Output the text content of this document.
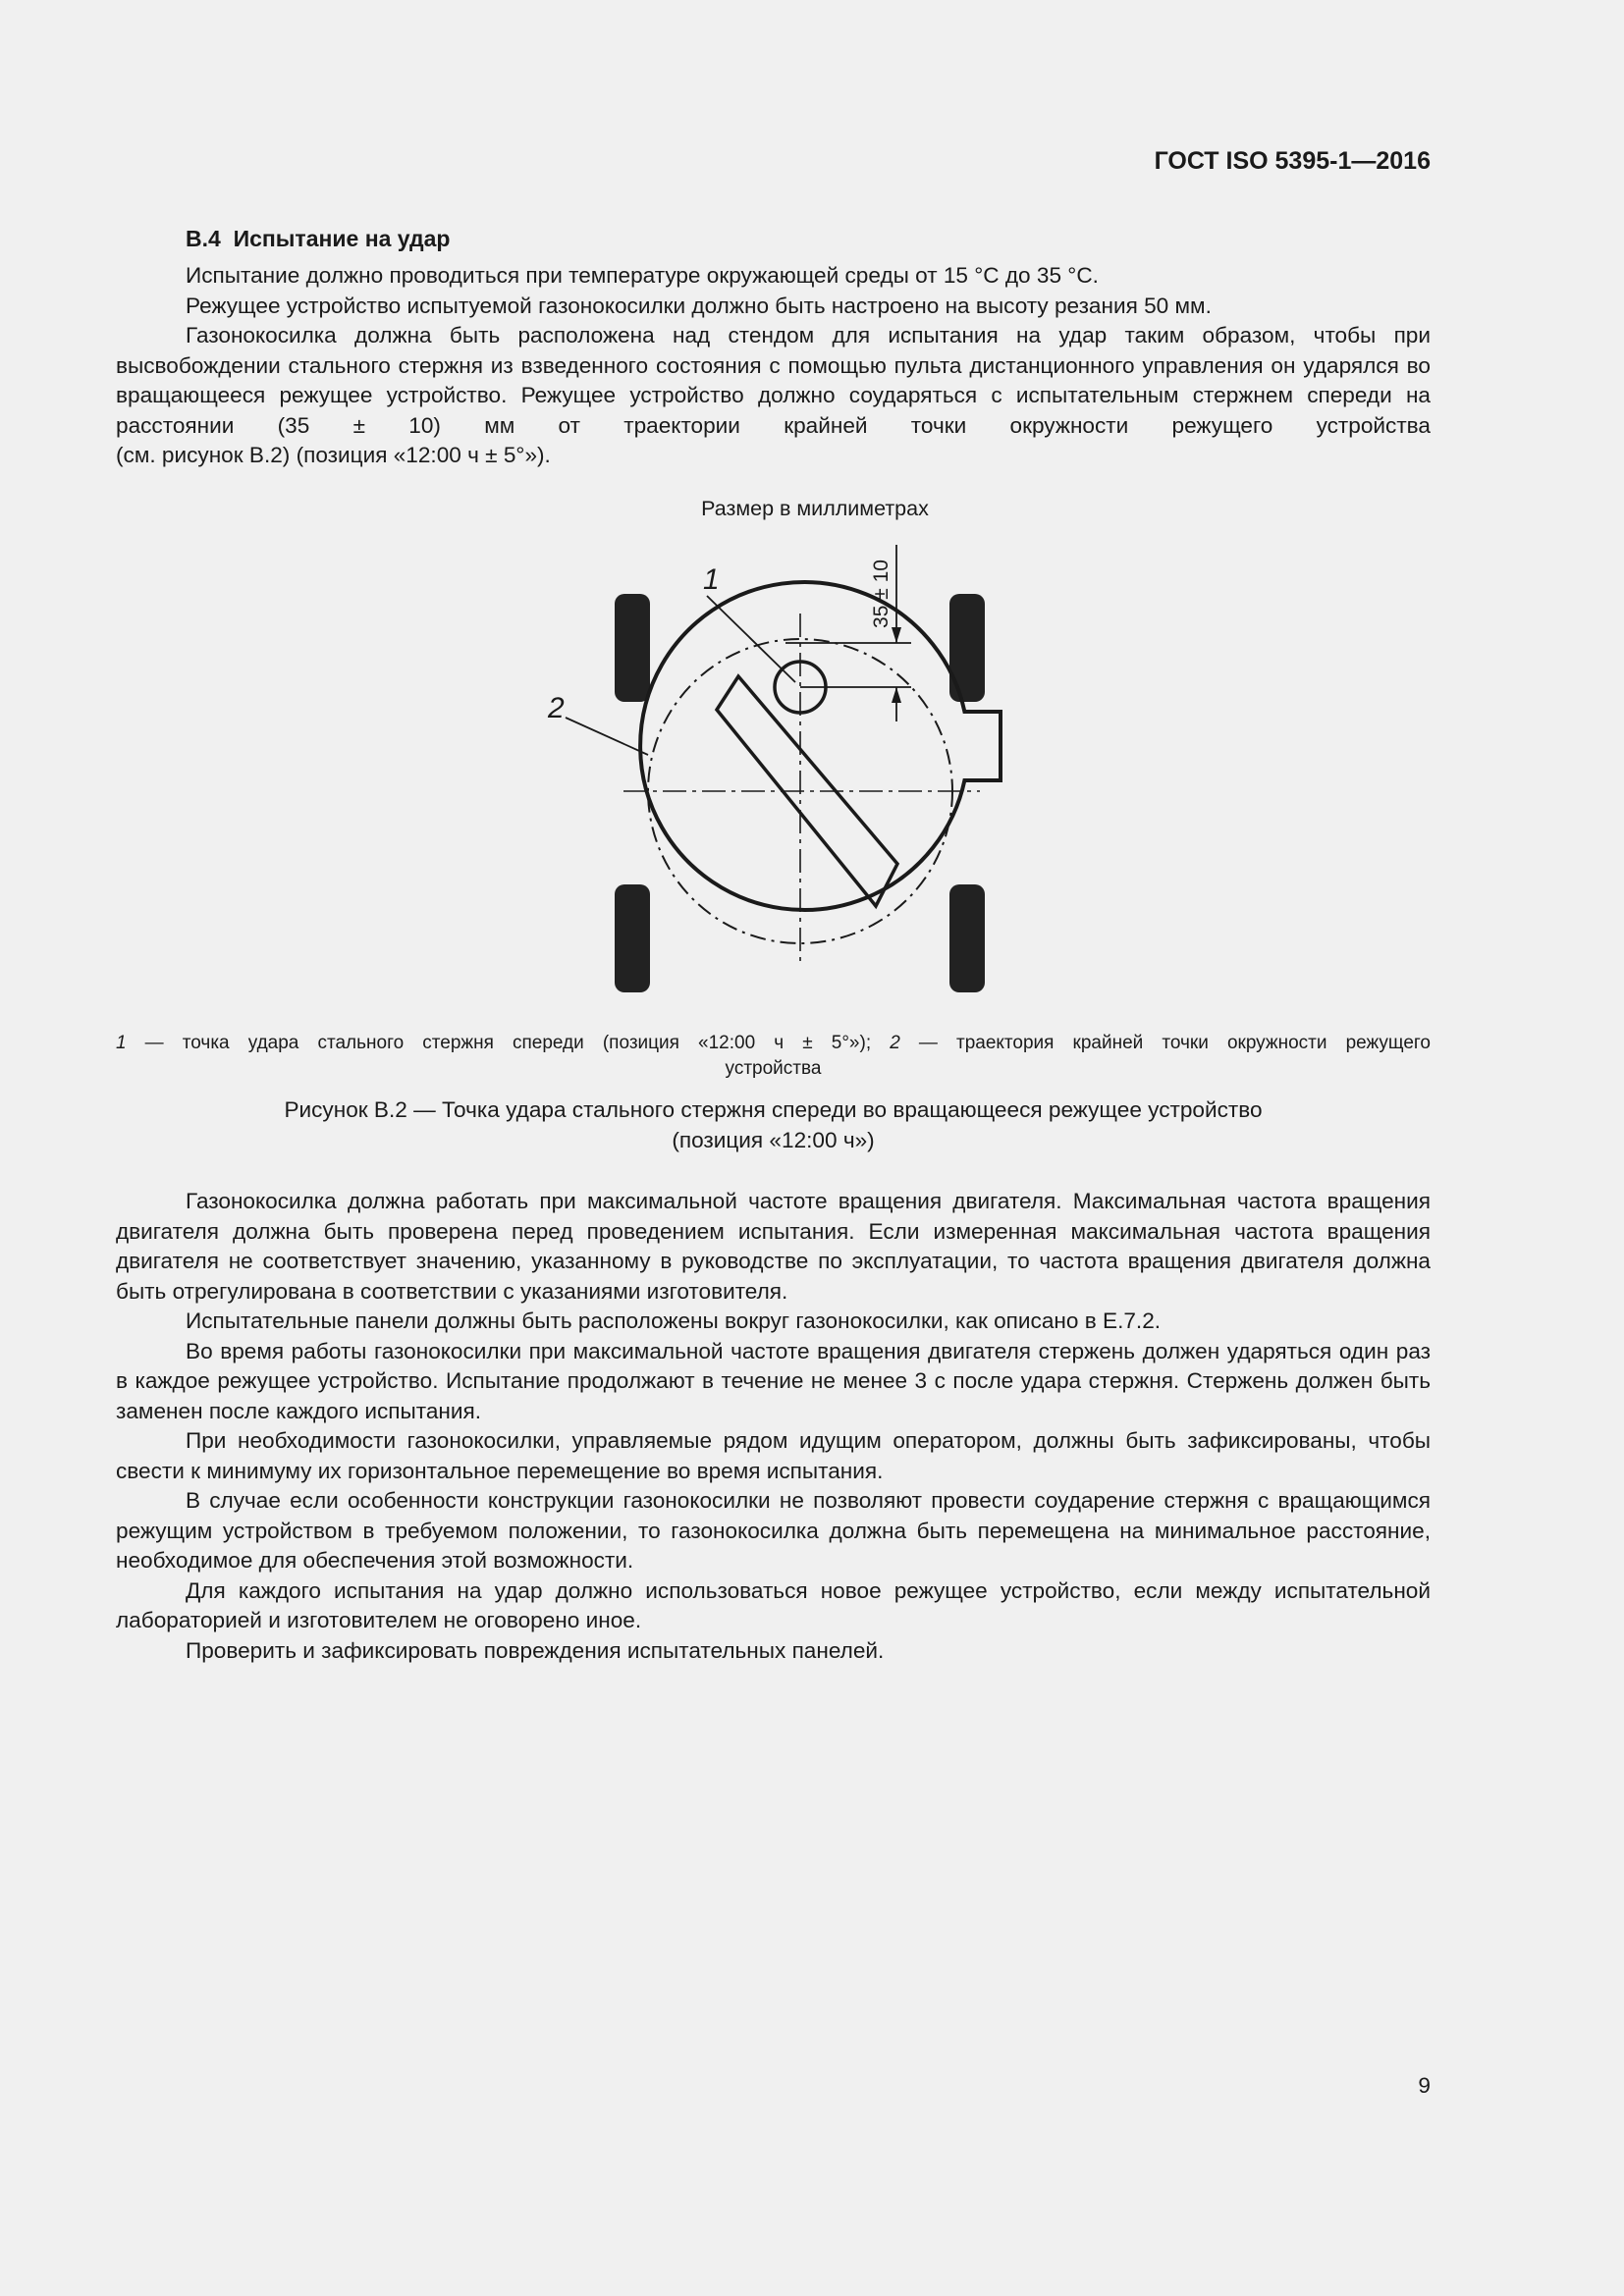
ГОСТ ISO 5395-1—2016
B.4 Испытание на удар

Испытание должно проводиться при температуре окружающей среды от 15 °C до 35 °C.

Режущее устройство испытуемой газонокосилки должно быть настроено на высоту резания 50 мм.

Газонокосилка должна быть расположена над стендом для испытания на удар таким образом, чтобы при высвобождении стального стержня из взведенного состояния с помощью пульта дистанционного управления он ударялся во вращающееся режущее устройство. Режущее устройство должно соударяться с испытательным стержнем спереди на расстоянии (35 ± 10) мм от траектории крайней точки окружности режущего устройства

(см. рисунок B.2) (позиция «12:00 ч ± 5°»).

Размер в миллиметрах
35 ± 10
1
2
1 — точка удара стального стержня спереди (позиция «12:00 ч ± 5°»); 2 — траектория крайней точки окружности режущего
устройства
Рисунок B.2 — Точка удара стального стержня спереди во вращающееся режущее устройство
(позиция «12:00 ч»)

Газонокосилка должна работать при максимальной частоте вращения двигателя. Максимальная частота вращения двигателя должна быть проверена перед проведением испытания. Если измеренная максимальная частота вращения двигателя не соответствует значению, указанному в руководстве по эксплуатации, то частота вращения двигателя должна быть отрегулирована в соответствии с указаниями изготовителя.

Испытательные панели должны быть расположены вокруг газонокосилки, как описано в E.7.2.

Во время работы газонокосилки при максимальной частоте вращения двигателя стержень должен ударяться один раз в каждое режущее устройство. Испытание продолжают в течение не менее 3 с после удара стержня. Стержень должен быть заменен после каждого испытания.

При необходимости газонокосилки, управляемые рядом идущим оператором, должны быть зафиксированы, чтобы свести к минимуму их горизонтальное перемещение во время испытания.

В случае если особенности конструкции газонокосилки не позволяют провести соударение стержня с вращающимся режущим устройством в требуемом положении, то газонокосилка должна быть перемещена на минимальное расстояние, необходимое для обеспечения этой возможности.

Для каждого испытания на удар должно использоваться новое режущее устройство, если между испытательной лабораторией и изготовителем не оговорено иное.

Проверить и зафиксировать повреждения испытательных панелей.

9
